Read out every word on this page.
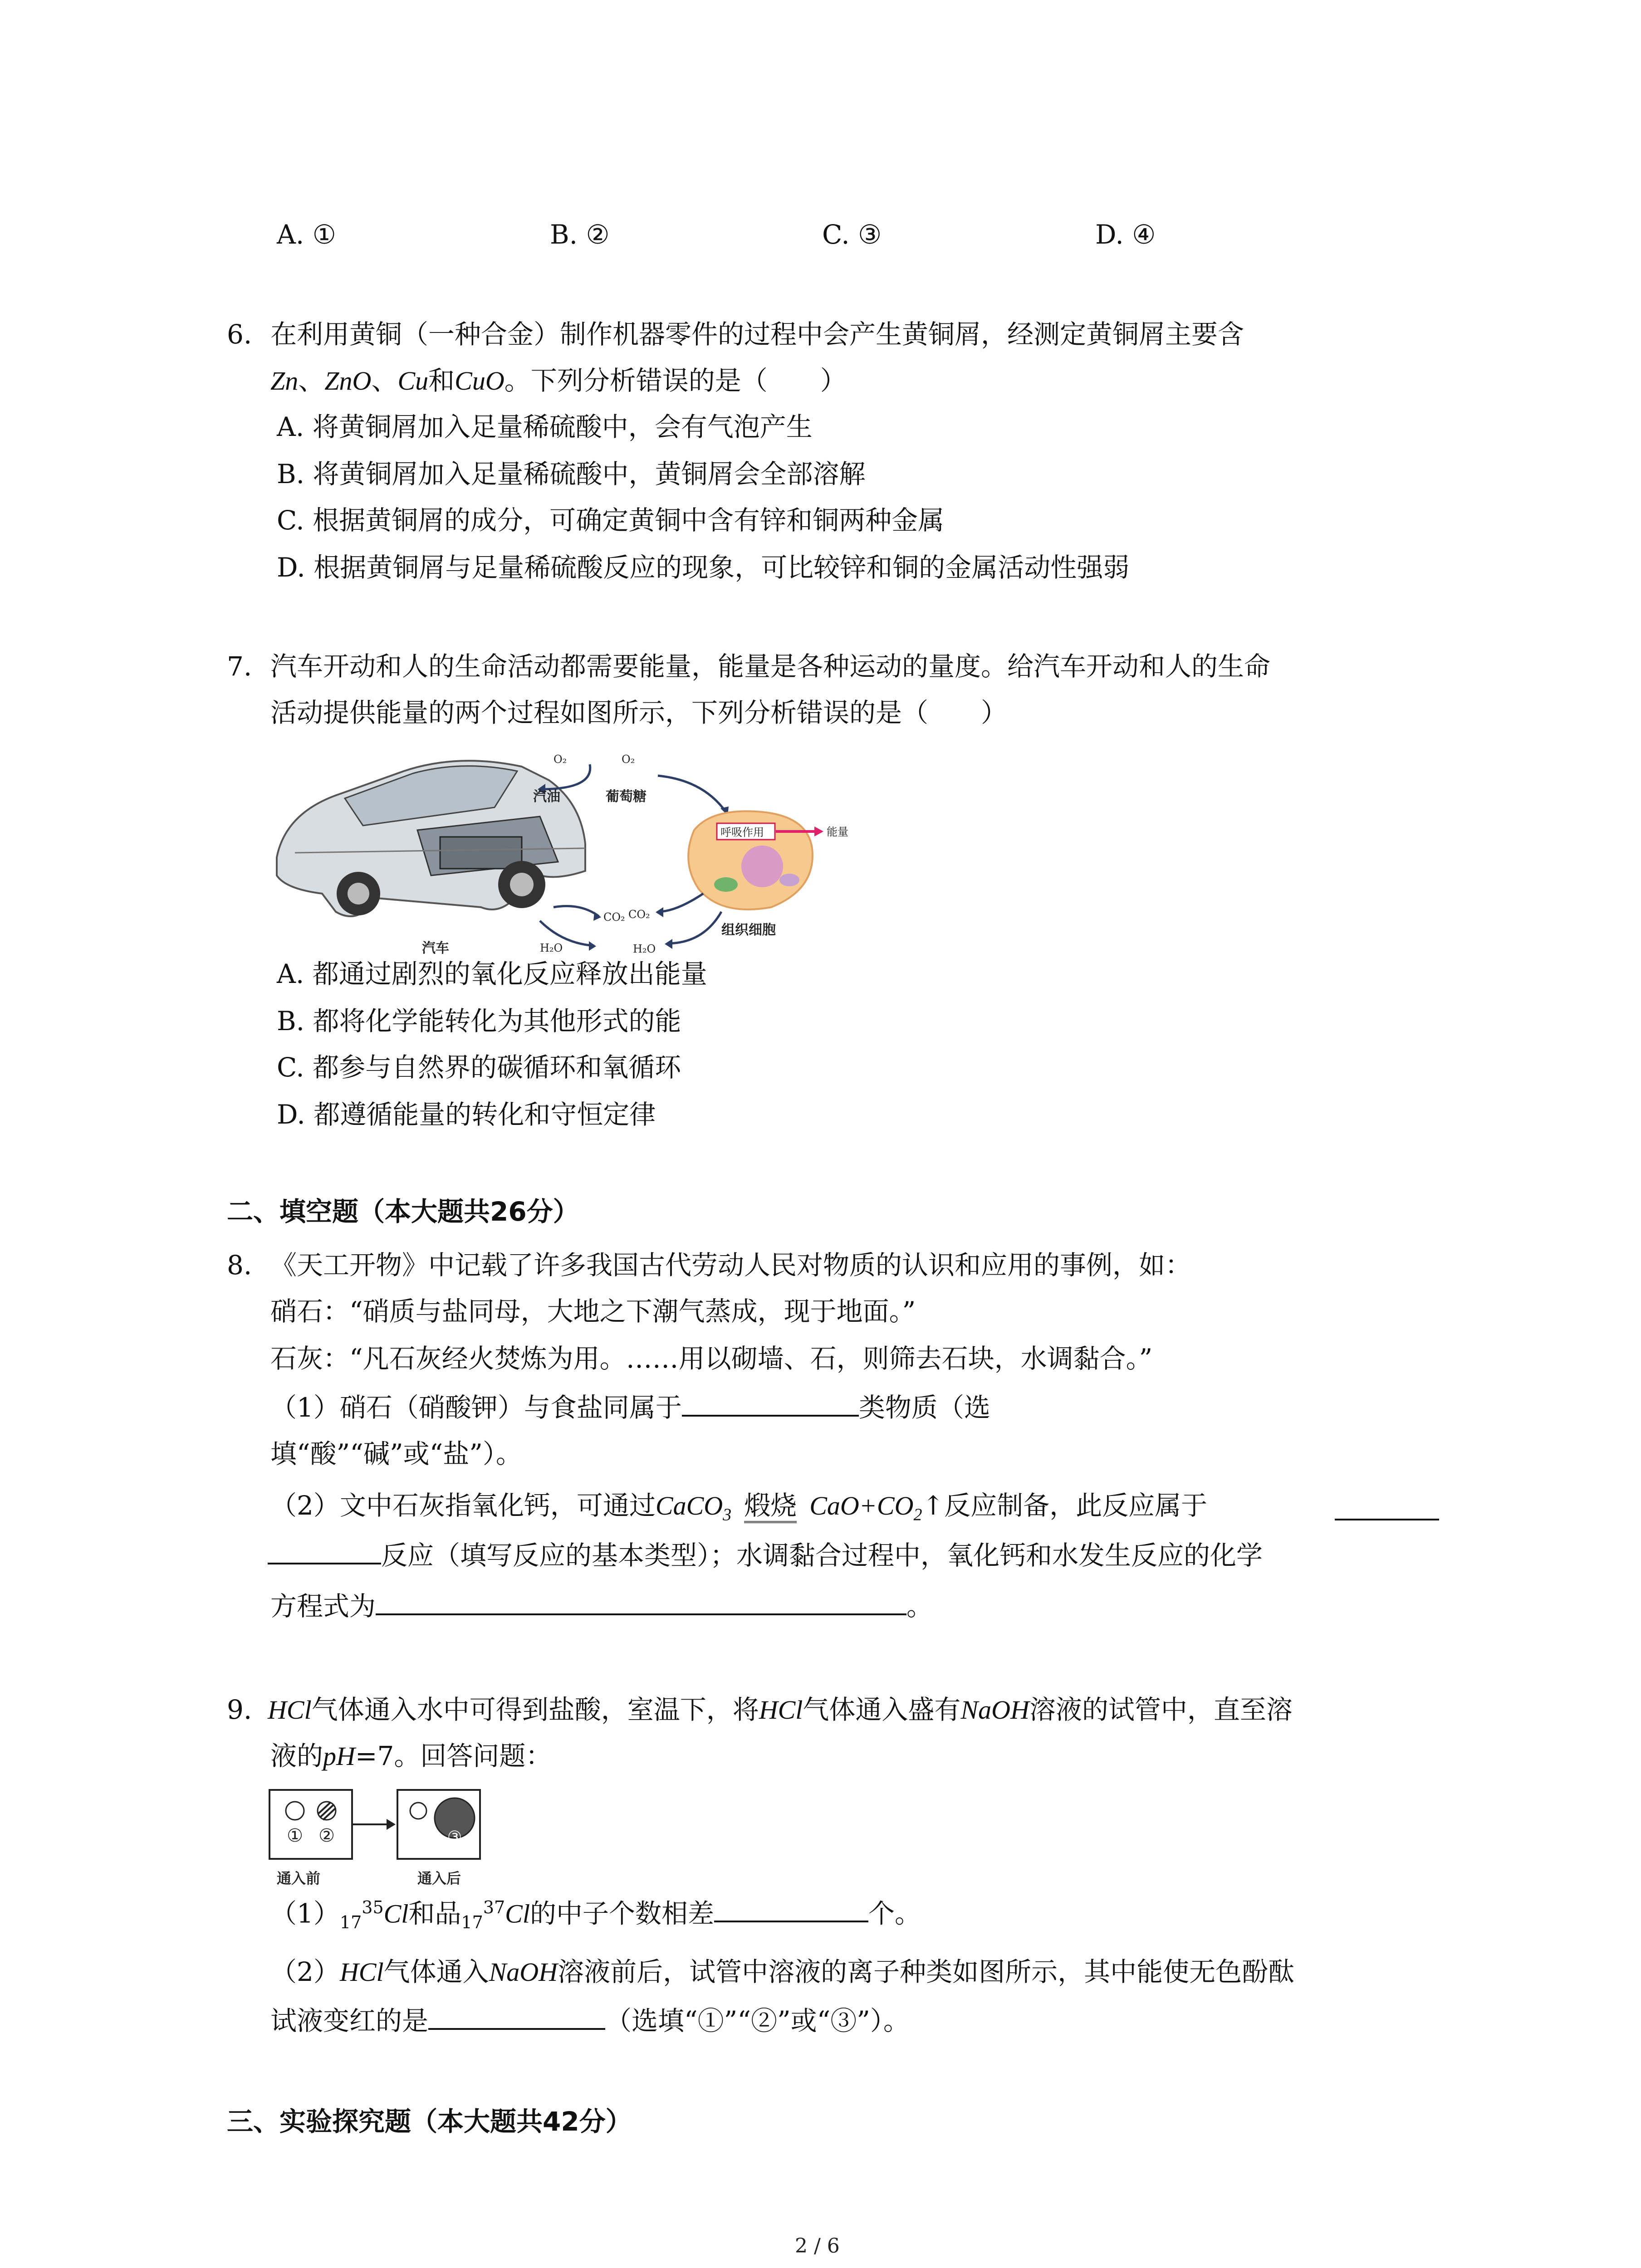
A. ①	B. ②	C. ③	D. ④
6. 在利用黄铜（一种合金）制作机器零件的过程中会产生黄铜屑，经测定黄铜屑主要含
Zn、ZnO、Cu和CuO。下列分析错误的是（　　）
A. 将黄铜屑加入足量稀硫酸中，会有气泡产生
B. 将黄铜屑加入足量稀硫酸中，黄铜屑会全部溶解
C. 根据黄铜屑的成分，可确定黄铜中含有锌和铜两种金属
D. 根据黄铜屑与足量稀硫酸反应的现象，可比较锌和铜的金属活动性强弱
7. 汽车开动和人的生命活动都需要能量，能量是各种运动的量度。给汽车开动和人的生命
活动提供能量的两个过程如图所示，下列分析错误的是（　　）
汽车
O₂
汽油
CO₂
H₂O
O₂
葡萄糖
呼吸作用	能量
CO₂
H₂O
组织细胞
A. 都通过剧烈的氧化反应释放出能量
B. 都将化学能转化为其他形式的能
C. 都参与自然界的碳循环和氧循环
D. 都遵循能量的转化和守恒定律
二、填空题（本大题共26分）
8. 《天工开物》中记载了许多我国古代劳动人民对物质的认识和应用的事例，如：
硝石：“硝质与盐同母，大地之下潮气蒸成，现于地面。”
石灰：“凡石灰经火焚炼为用。……用以砌墙、石，则筛去石块，水调黏合。”
（1）硝石（硝酸钾）与食盐同属于	类物质（选
填“酸”“碱”或“盐”）。
（2）文中石灰指氧化钙，可通过CaCO$_3$ 煅烧 $CaO+CO_2↑$反应制备，此反应属于
反应（填写反应的基本类型）；水调黏合过程中，氧化钙和水发生反应的化学
方程式为	。
9. HCl气体通入水中可得到盐酸，室温下，将HCl气体通入盛有NaOH溶液的试管中，直至溶
液的pH=7。回答问题：
① ②	③
通入前	通入后
$(1)_{17}^{35}Cl$和品$_{17}^{37}$Cl的中子个数相差	个。
（2）HCl气体通入NaOH溶液前后，试管中溶液的离子种类如图所示，其中能使无色酚酞
试液变红的是	（选填“①”“②”或“③”）。
三、实验探究题（本大题共42分）
2 / 6
